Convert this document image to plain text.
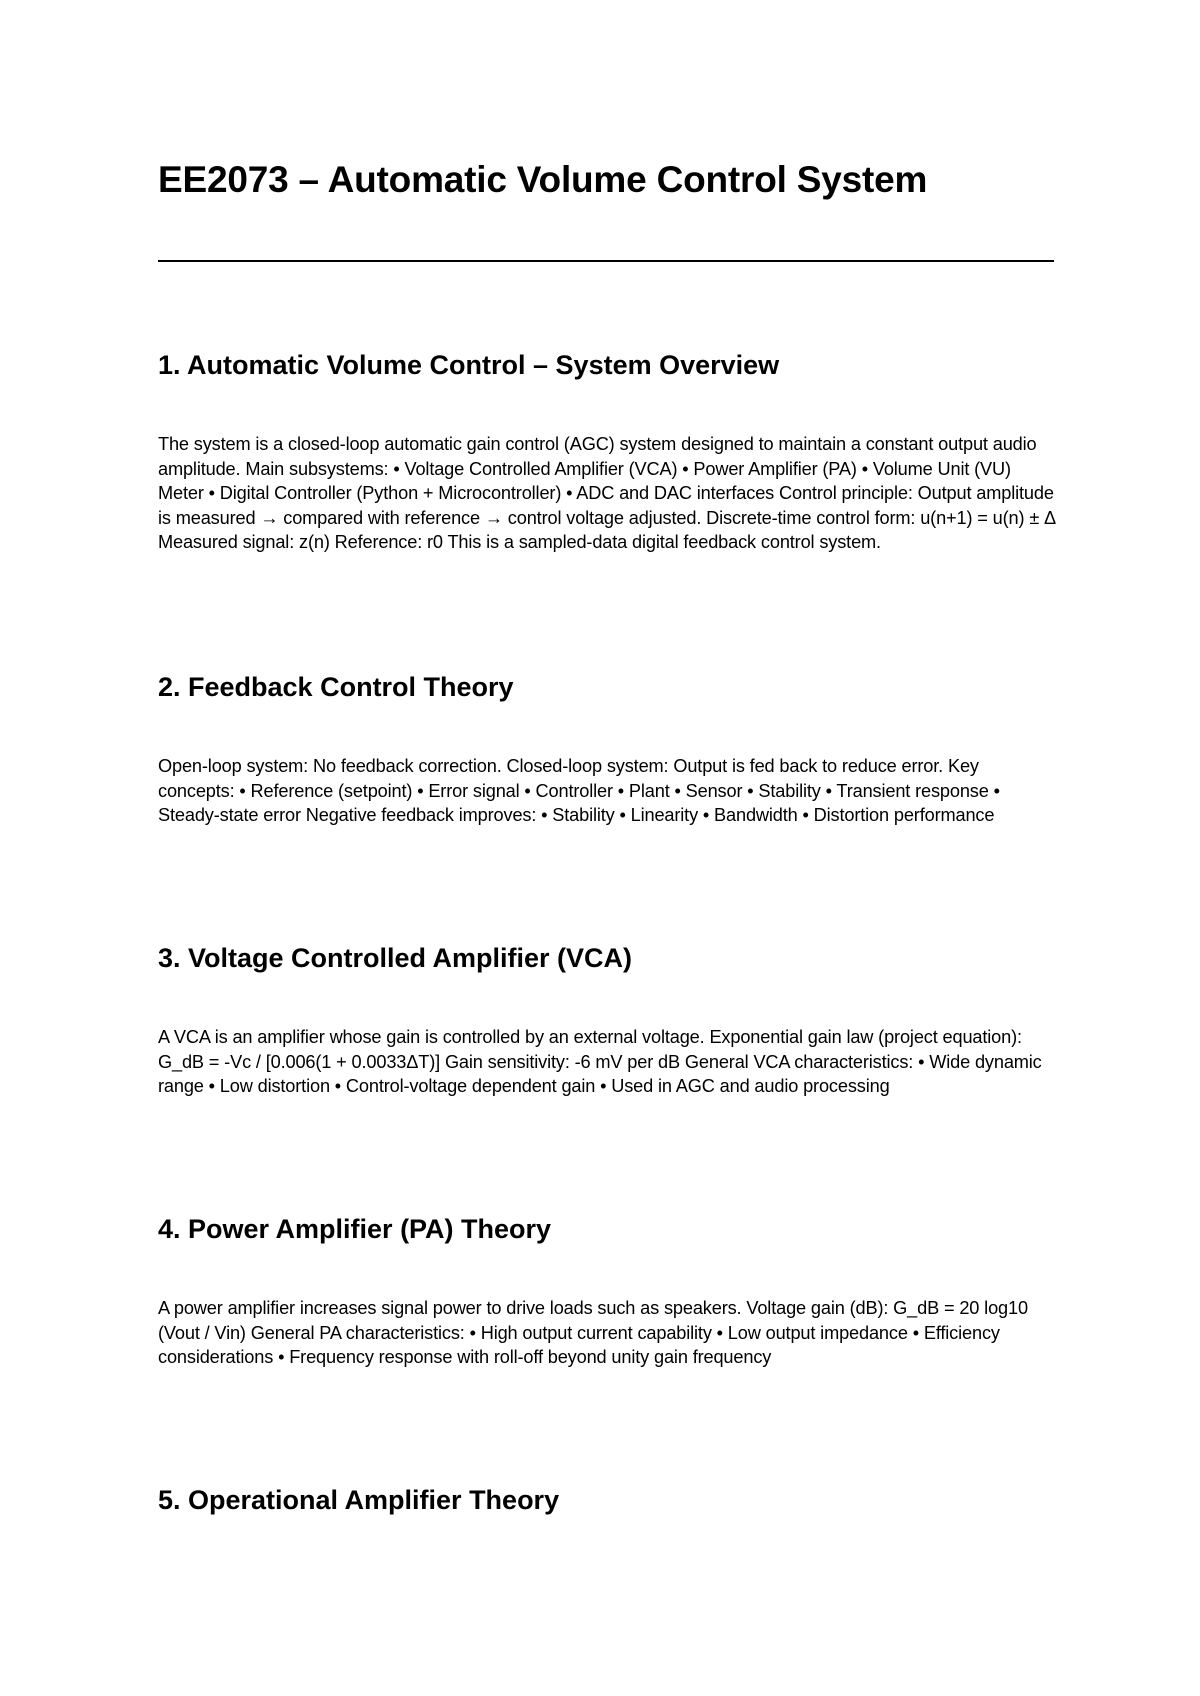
EE2073 – Automatic Volume Control System
1. Automatic Volume Control – System Overview

The system is a closed-loop automatic gain control (AGC) system designed to maintain a constant output audio amplitude. Main subsystems: • Voltage Controlled Amplifier (VCA) • Power Amplifier (PA) • Volume Unit (VU) Meter • Digital Controller (Python + Microcontroller) • ADC and DAC interfaces Control principle: Output amplitude is measured → compared with reference → control voltage adjusted. Discrete-time control form: u(n+1) = u(n) ± Δ Measured signal: z(n) Reference: r0 This is a sampled-data digital feedback control system.

2. Feedback Control Theory

Open-loop system: No feedback correction. Closed-loop system: Output is fed back to reduce error. Key concepts: • Reference (setpoint) • Error signal • Controller • Plant • Sensor • Stability • Transient response • Steady-state error Negative feedback improves: • Stability • Linearity • Bandwidth • Distortion performance

3. Voltage Controlled Amplifier (VCA)

A VCA is an amplifier whose gain is controlled by an external voltage. Exponential gain law (project equation): G_dB = -Vc / [0.006(1 + 0.0033ΔT)] Gain sensitivity: -6 mV per dB General VCA characteristics: • Wide dynamic range • Low distortion • Control-voltage dependent gain • Used in AGC and audio processing

4. Power Amplifier (PA) Theory

A power amplifier increases signal power to drive loads such as speakers. Voltage gain (dB): G_dB = 20 log10 (Vout / Vin) General PA characteristics: • High output current capability • Low output impedance • Efficiency considerations • Frequency response with roll-off beyond unity gain frequency

5. Operational Amplifier Theory
